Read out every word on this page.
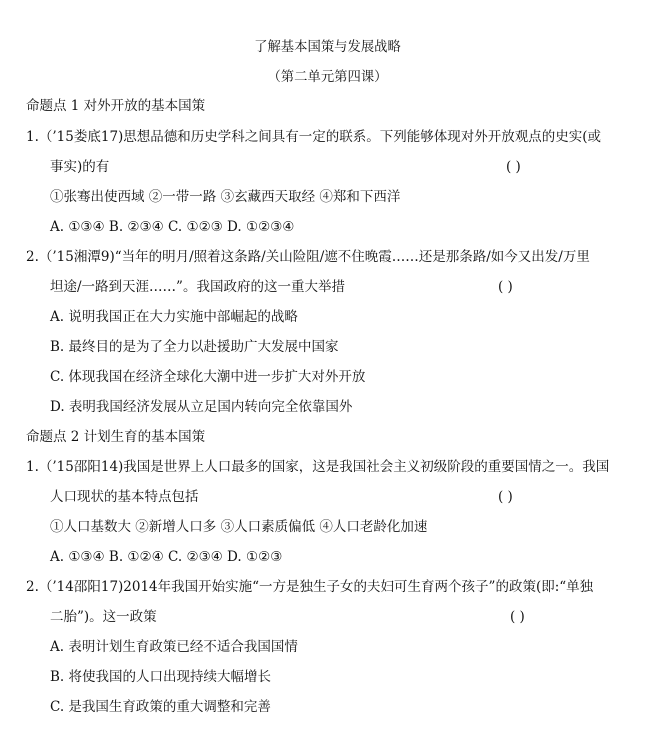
了解基本国策与发展战略
（第二单元第四课）
命题点 1 对外开放的基本国策
1.（’15娄底17)思想品德和历史学科之间具有一定的联系。下列能够体现对外开放观点的史实(或
事实)的有	( )
①张骞出使西域 ②一带一路 ③玄藏西天取经 ④郑和下西洋
A. ①③④ B. ②③④ C. ①②③ D. ①②③④
2.（’15湘潭9)“当年的明月/照着这条路/关山险阻/遮不住晚霞……还是那条路/如今又出发/万里
坦途/一路到天涯……”。我国政府的这一重大举措	( )
A. 说明我国正在大力实施中部崛起的战略
B. 最终目的是为了全力以赴援助广大发展中国家
C. 体现我国在经济全球化大潮中进一步扩大对外开放
D. 表明我国经济发展从立足国内转向完全依靠国外
命题点 2 计划生育的基本国策
1.（’15邵阳14)我国是世界上人口最多的国家，这是我国社会主义初级阶段的重要国情之一。我国
人口现状的基本特点包括	( )
①人口基数大 ②新增人口多 ③人口素质偏低 ④人口老龄化加速
A. ①③④ B. ①②④ C. ②③④ D. ①②③
2.（’14邵阳17)2014年我国开始实施“一方是独生子女的夫妇可生育两个孩子”的政策(即:“单独
二胎”)。这一政策	( )
A. 表明计划生育政策已经不适合我国国情
B. 将使我国的人口出现持续大幅增长
C. 是我国生育政策的重大调整和完善
